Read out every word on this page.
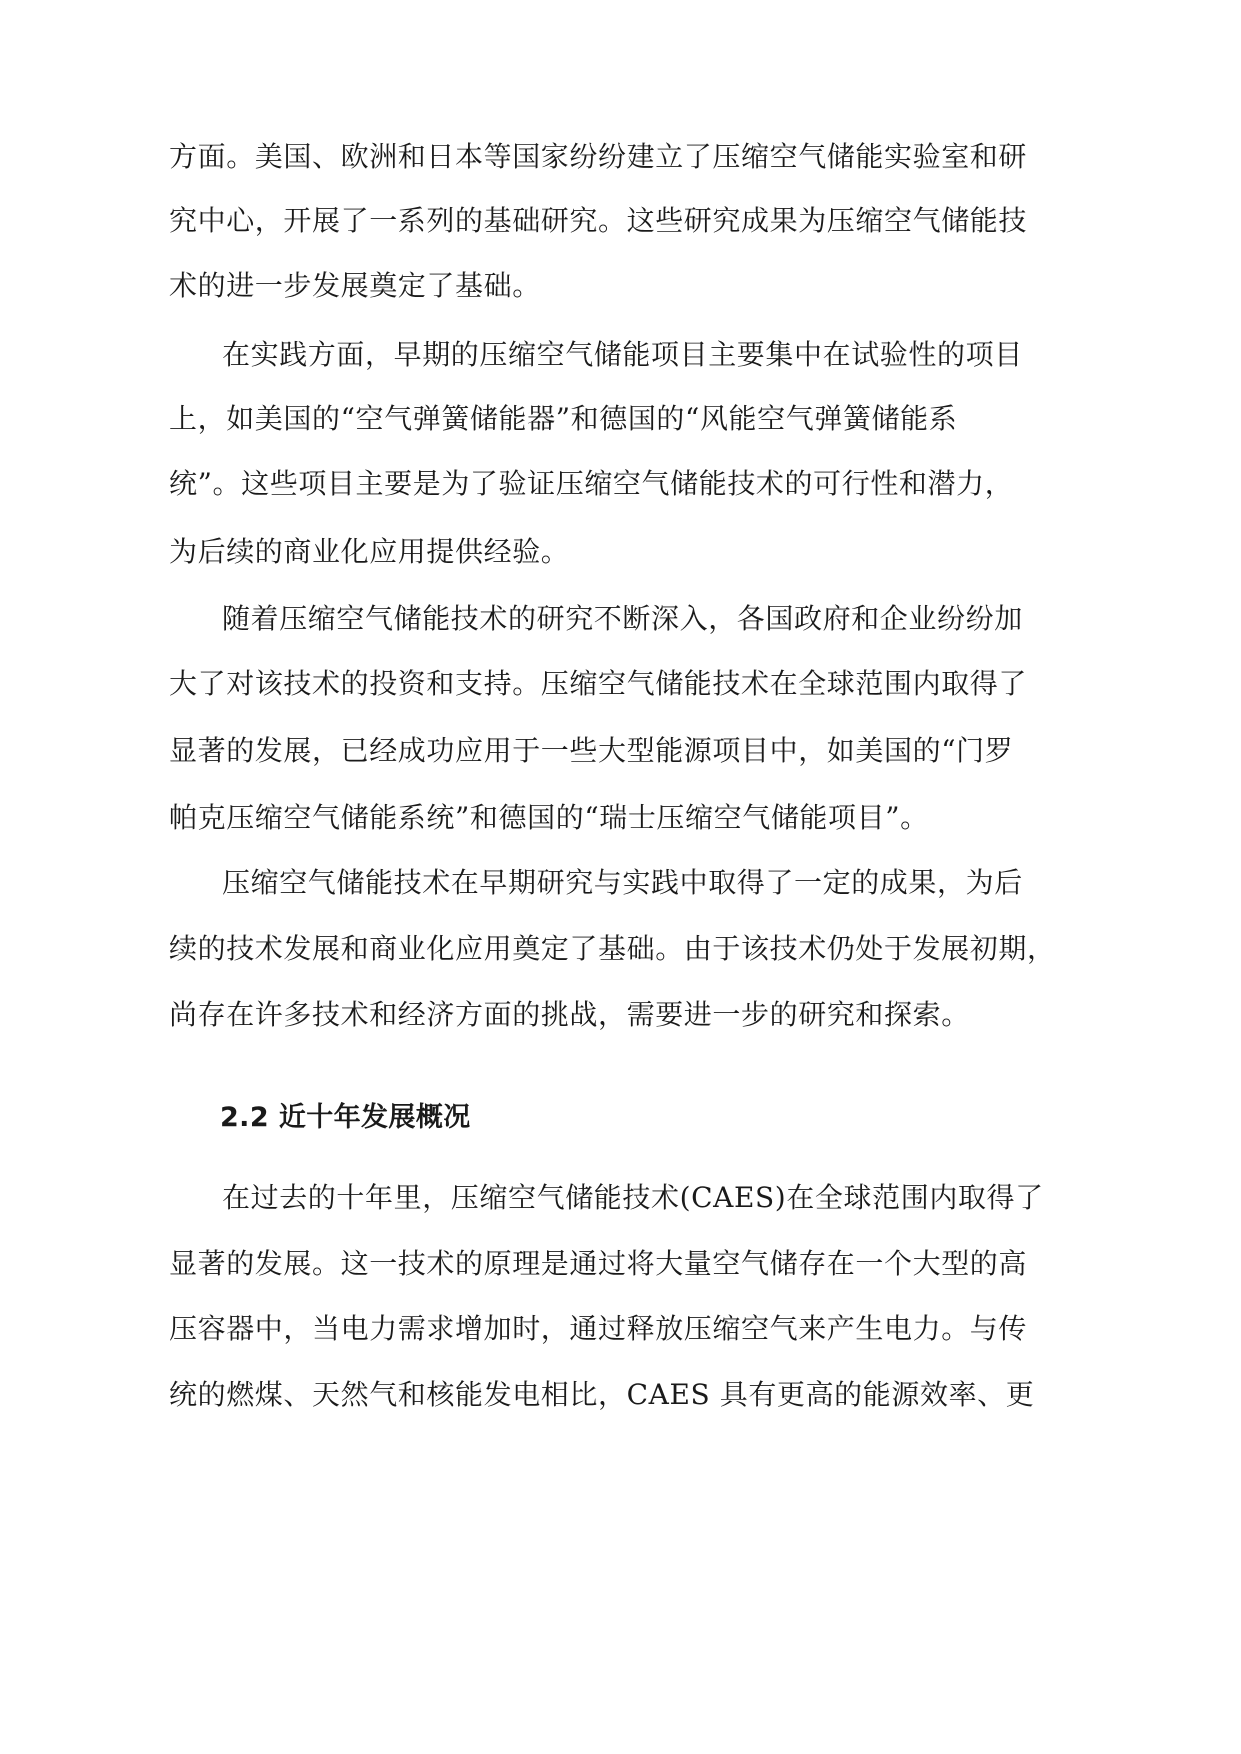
方面。美国、欧洲和日本等国家纷纷建立了压缩空气储能实验室和研
究中心，开展了一系列的基础研究。这些研究成果为压缩空气储能技
术的进一步发展奠定了基础。
在实践方面，早期的压缩空气储能项目主要集中在试验性的项目
上，如美国的“空气弹簧储能器”和德国的“风能空气弹簧储能系
统”。这些项目主要是为了验证压缩空气储能技术的可行性和潜力，
为后续的商业化应用提供经验。
随着压缩空气储能技术的研究不断深入，各国政府和企业纷纷加
大了对该技术的投资和支持。压缩空气储能技术在全球范围内取得了
显著的发展，已经成功应用于一些大型能源项目中，如美国的“门罗
帕克压缩空气储能系统”和德国的“瑞士压缩空气储能项目”。
压缩空气储能技术在早期研究与实践中取得了一定的成果，为后
续的技术发展和商业化应用奠定了基础。由于该技术仍处于发展初期，
尚存在许多技术和经济方面的挑战，需要进一步的研究和探索。
2.2 近十年发展概况
在过去的十年里，压缩空气储能技术(CAES)在全球范围内取得了
显著的发展。这一技术的原理是通过将大量空气储存在一个大型的高
压容器中，当电力需求增加时，通过释放压缩空气来产生电力。与传
统的燃煤、天然气和核能发电相比，CAES 具有更高的能源效率、更
